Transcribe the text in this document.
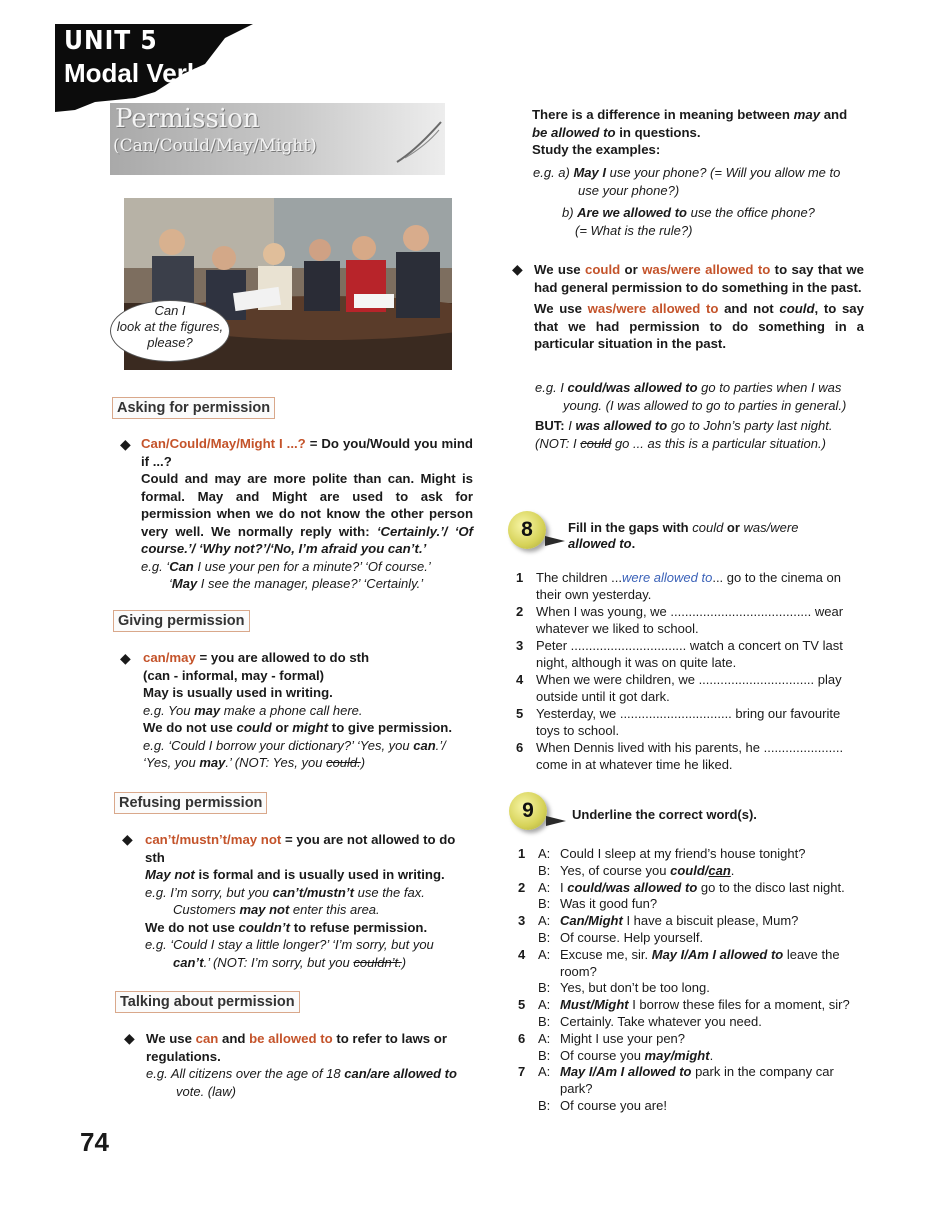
UNIT 5
Modal Verbs
Permission
(Can/Could/May/Might)
Can I
look at the figures,
please?
Asking for permission
◆ Can/Could/May/Might I ...? = Do you/Would you mind if ...?

Could and may are more polite than can. Might is formal. May and Might are used to ask for permission when we do not know the other person very well. We normally reply with: ‘Certainly.’/ ‘Of course.’/ ‘Why not?’/‘No, I’m afraid you can’t.’

e.g. ‘Can I use your pen for a minute?’ ‘Of course.’

‘May I see the manager, please?’ ‘Certainly.’

Giving permission
◆ can/may = you are allowed to do sth

(can - informal, may - formal)

May is usually used in writing.

e.g. You may make a phone call here.

We do not use could or might to give permission.

e.g. ‘Could I borrow your dictionary?’ ‘Yes, you can.’/

‘Yes, you may.’ (NOT: Yes, you could.)

Refusing permission
◆ can’t/mustn’t/may not = you are not allowed to do sth

May not is formal and is usually used in writing.

e.g. I’m sorry, but you can’t/mustn’t use the fax.

Customers may not enter this area.

We do not use couldn’t to refuse permission.

e.g. ‘Could I stay a little longer?’ ‘I’m sorry, but you

can’t.’ (NOT: I’m sorry, but you couldn’t.)

Talking about permission
◆ We use can and be allowed to to refer to laws or regulations.

e.g. All citizens over the age of 18 can/are allowed to

vote. (law)

There is a difference in meaning between may and

be allowed to in questions.

Study the examples:

e.g. a) May I use your phone? (= Will you allow me to

use your phone?)

b) Are we allowed to use the office phone?

(= What is the rule?)

◆ We use could or was/were allowed to to say that we had general permission to do something in the past.

We use was/were allowed to and not could, to say that we had permission to do something in a particular situation in the past.

e.g. I could/was allowed to go to parties when I was

young. (I was allowed to go to parties in general.)

BUT: I was allowed to go to John’s party last night.

(NOT: I could go ... as this is a particular situation.)

8	Fill in the gaps with could or was/were
allowed to.
1 The children ...were allowed to... go to the cinema on
their own yesterday.
2 When I was young, we ....................................... wear
whatever we liked to school.
3 Peter ................................ watch a concert on TV last
night, although it was on quite late.
4 When we were children, we ................................ play
outside until it got dark.
5 Yesterday, we ............................... bring our favourite
toys to school.
6 When Dennis lived with his parents, he ......................
come in at whatever time he liked.
9	Underline the correct word(s).
1 A: Could I sleep at my friend’s house tonight?
B: Yes, of course you could/can.
2 A: I could/was allowed to go to the disco last night.
B: Was it good fun?
3 A: Can/Might I have a biscuit please, Mum?
B: Of course. Help yourself.
4 A: Excuse me, sir. May I/Am I allowed to leave the
room?
B: Yes, but don’t be too long.
5 A: Must/Might I borrow these files for a moment, sir?
B: Certainly. Take whatever you need.
6 A: Might I use your pen?
B: Of course you may/might.
7 A: May I/Am I allowed to park in the company car
park?
B: Of course you are!
74
